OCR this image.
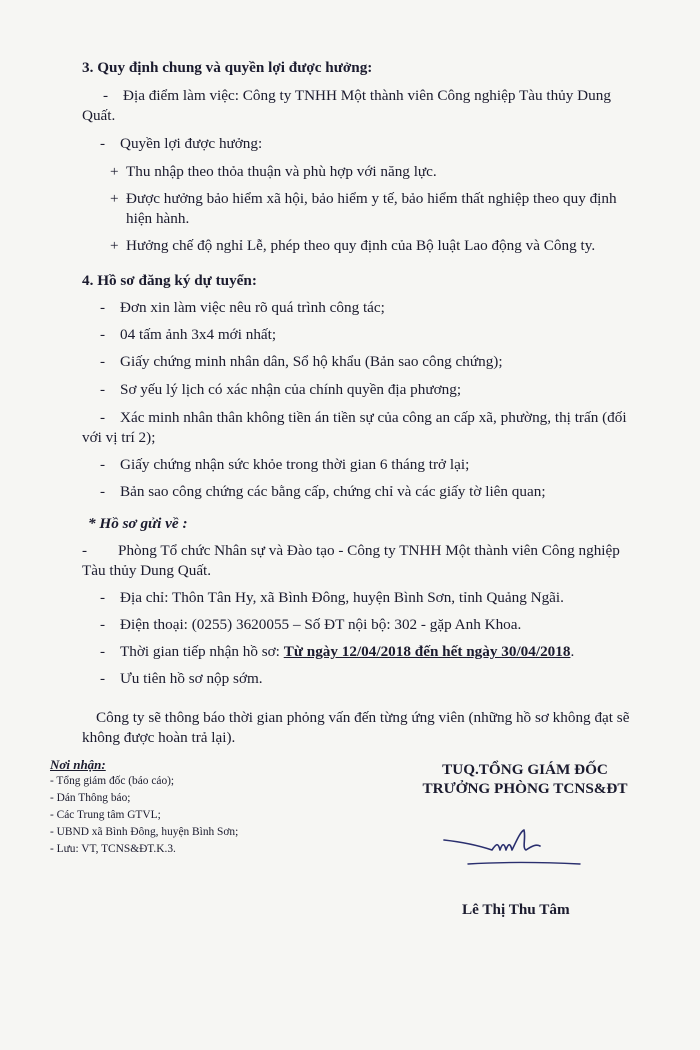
3. Quy định chung và quyền lợi được hưởng:
- Địa điểm làm việc: Công ty TNHH Một thành viên Công nghiệp Tàu thủy Dung
Quất.
- Quyền lợi được hưởng:
+ Thu nhập theo thỏa thuận và phù hợp với năng lực.
+ Được hưởng bảo hiểm xã hội, bảo hiểm y tế, bảo hiểm thất nghiệp theo quy định
hiện hành.
+ Hưởng chế độ nghỉ Lễ, phép theo quy định của Bộ luật Lao động và Công ty.
4. Hồ sơ đăng ký dự tuyển:
- Đơn xin làm việc nêu rõ quá trình công tác;
- 04 tấm ảnh 3x4 mới nhất;
- Giấy chứng minh nhân dân, Sổ hộ khẩu (Bản sao công chứng);
- Sơ yếu lý lịch có xác nhận của chính quyền địa phương;
- Xác minh nhân thân không tiền án tiền sự của công an cấp xã, phường, thị trấn (đối
với vị trí 2);
- Giấy chứng nhận sức khỏe trong thời gian 6 tháng trở lại;
- Bản sao công chứng các bằng cấp, chứng chỉ và các giấy tờ liên quan;
* Hồ sơ gửi về :
- Phòng Tổ chức Nhân sự và Đào tạo - Công ty TNHH Một thành viên Công nghiệp
Tàu thủy Dung Quất.
- Địa chỉ: Thôn Tân Hy, xã Bình Đông, huyện Bình Sơn, tỉnh Quảng Ngãi.
- Điện thoại: (0255) 3620055 – Số ĐT nội bộ: 302 - gặp Anh Khoa.
- Thời gian tiếp nhận hồ sơ: Từ ngày 12/04/2018 đến hết ngày 30/04/2018.
- Ưu tiên hồ sơ nộp sớm.
Công ty sẽ thông báo thời gian phỏng vấn đến từng ứng viên (những hồ sơ không đạt sẽ
không được hoàn trả lại).
Nơi nhận:
- Tổng giám đốc (báo cáo);
- Dán Thông báo;
- Các Trung tâm GTVL;
- UBND xã Bình Đông, huyện Bình Sơn;
- Lưu: VT, TCNS&ĐT.K.3.
TUQ.TỔNG GIÁM ĐỐC
TRƯỞNG PHÒNG TCNS&ĐT
Lê Thị Thu Tâm
